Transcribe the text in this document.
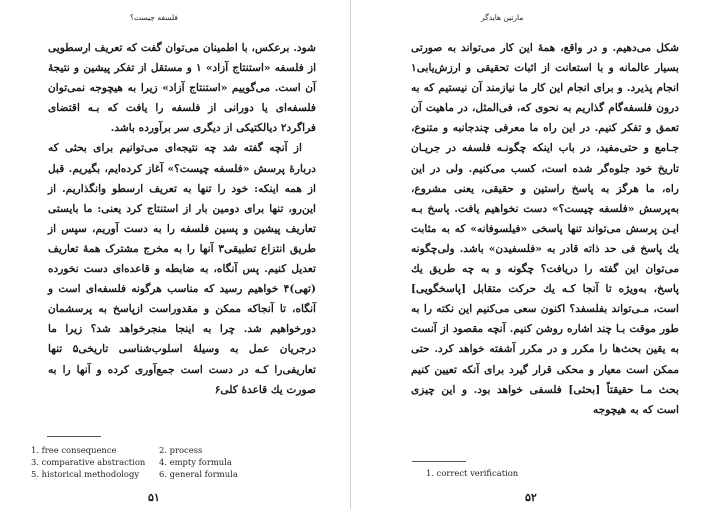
فلسفه چیست؟

شود. برعکس، با اطمینان می‌توان گفت که تعریف ارسطویی از فلسفه «استنتاج آزاد» ۱ و مستقل از تفکر پیشین و نتیجهٔ آن است. می‌گوییم «استنتاج آزاد» زیرا به هیچوجه نمی‌توان فلسفه‌ای یا دورانی از فلسفه را یافت که بـه اقتضای فراگرد۲ دیالکتیکی از دیگری سر برآورده باشد.

از آنچه گفته شد چه نتیجه‌ای می‌توانیم برای بحثی که دربارهٔ پرسش «فلسفه چیست؟» آغاز کرده‌ایم، بگیریم. قبل از همه اینکه: خود را تنها به تعریف ارسطو وانگذاریم. از این‌رو، تنها برای دومین بار از استنتاج کرد یعنی: ما بایستی تعاریف پیشین و پسین فلسفه را به دست آوریم، سپس از طریق انتزاع تطبیقی۳ آنها را به مخرج مشترک همهٔ تعاریف تعدیل کنیم. پس آنگاه، به ضابطه و قاعده‌ای دست نخورده (تهی)۴ خواهیم رسید که مناسب هرگونه فلسفه‌ای است و آنگاه، تا آنجاکه ممکن و مقدوراست ازپاسخ به پرسشمان دورخواهیم شد. چرا به اینجا منجرخواهد شد؟ زیرا ما درجریان عمل به وسیلهٔ اسلوب‌شناسی تاریخی۵ تنها تعاریفی‌را کـه در دست است جمع‌آوری کرده و آنها را به صورت یك قاعدهٔ کلی۶

1. free consequence	2. process
3. comparative abstraction	4. empty formula
5. historical methodology	6. general formula
۵۱
مارتین هایدگر

شکل می‌دهیم. و در واقع، همهٔ این کار می‌تواند به صورتی بسیار عالمانه و با استعانت از اثبات تحقیقی و ارزش‌یابی۱ انجام پذیرد. و برای انجام این کار ما نیازمند آن نیستیم که به درون فلسفه‌گام گذاریم به نحوی که، فی‌المثل، در ماهیت آن تعمق و تفکر کنیم. در این راه ما معرفی چندجانبه و متنوع، جـامع و حتی‌مفید، در باب اینکه چگونـه فلسفه در جریـان تاریخ خود جلوه‌گر شده است، کسب می‌کنیم. ولی در این راه، ما هرگز به پاسخ راستین و حقیقی، یعنی مشروع، به‌پرسش «فلسفه چیست؟» دست نخواهیم یافت. پاسخ بـه ایـن پرسش می‌تواند تنها پاسخی «فیلسوفانه» که به مثابت یك پاسخ فی حد ذاته قادر به «فلسفیدن» باشد. ولی‌چگونه می‌توان این گفته را دریافت؟ چگونه و به چه طریق یك پاسخ، به‌ویژه تا آنجا کـه یك حرکت متقابل [پاسخگویی] است، مـی‌تواند بفلسفد؟ اکنون سعی می‌کنیم این نکته را به طور موقت بـا چند اشاره روشن کنیم. آنچه مقصود از آنست به یقین بحث‌ها را مکرر و در مکرر آشفته خواهد کرد. حتی ممکن است معیار و محکی قرار گیرد برای آنکه تعیین کنیم بحث مـا حقیقتاً [بحثی] فلسفی خواهد بود. و این چیزی است که به هیچوجه

۵۲
1. correct verification
